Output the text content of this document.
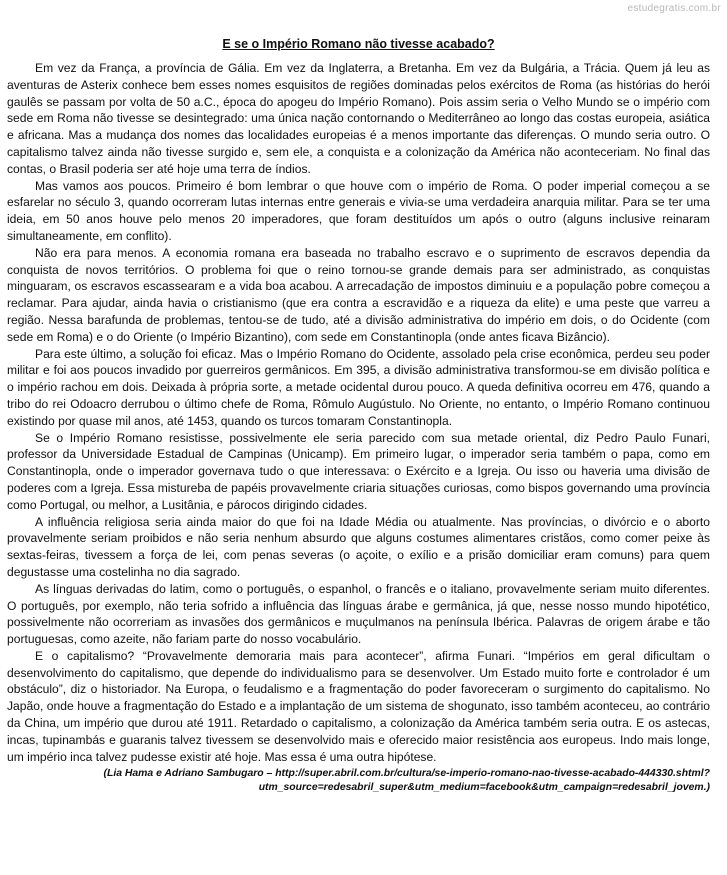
estudegratis.com.br
E se o Império Romano não tivesse acabado?

Em vez da França, a província de Gália. Em vez da Inglaterra, a Bretanha. Em vez da Bulgária, a Trácia. Quem já leu as aventuras de Asterix conhece bem esses nomes esquisitos de regiões dominadas pelos exércitos de Roma (as histórias do herói gaulês se passam por volta de 50 a.C., época do apogeu do Império Romano). Pois assim seria o Velho Mundo se o império com sede em Roma não tivesse se desintegrado: uma única nação contornando o Mediterrâneo ao longo das costas europeia, asiática e africana. Mas a mudança dos nomes das localidades europeias é a menos importante das diferenças. O mundo seria outro. O capitalismo talvez ainda não tivesse surgido e, sem ele, a conquista e a colonização da América não aconteceriam. No final das contas, o Brasil poderia ser até hoje uma terra de índios.

Mas vamos aos poucos. Primeiro é bom lembrar o que houve com o império de Roma. O poder imperial começou a se esfarelar no século 3, quando ocorreram lutas internas entre generais e vivia-se uma verdadeira anarquia militar. Para se ter uma ideia, em 50 anos houve pelo menos 20 imperadores, que foram destituídos um após o outro (alguns inclusive reinaram simultaneamente, em conflito).

Não era para menos. A economia romana era baseada no trabalho escravo e o suprimento de escravos dependia da conquista de novos territórios. O problema foi que o reino tornou-se grande demais para ser administrado, as conquistas minguaram, os escravos escassearam e a vida boa acabou. A arrecadação de impostos diminuiu e a população pobre começou a reclamar. Para ajudar, ainda havia o cristianismo (que era contra a escravidão e a riqueza da elite) e uma peste que varreu a região. Nessa barafunda de problemas, tentou-se de tudo, até a divisão administrativa do império em dois, o do Ocidente (com sede em Roma) e o do Oriente (o Império Bizantino), com sede em Constantinopla (onde antes ficava Bizâncio).

Para este último, a solução foi eficaz. Mas o Império Romano do Ocidente, assolado pela crise econômica, perdeu seu poder militar e foi aos poucos invadido por guerreiros germânicos. Em 395, a divisão administrativa transformou-se em divisão política e o império rachou em dois. Deixada à própria sorte, a metade ocidental durou pouco. A queda definitiva ocorreu em 476, quando a tribo do rei Odoacro derrubou o último chefe de Roma, Rômulo Augústulo. No Oriente, no entanto, o Império Romano continuou existindo por quase mil anos, até 1453, quando os turcos tomaram Constantinopla.

Se o Império Romano resistisse, possivelmente ele seria parecido com sua metade oriental, diz Pedro Paulo Funari, professor da Universidade Estadual de Campinas (Unicamp). Em primeiro lugar, o imperador seria também o papa, como em Constantinopla, onde o imperador governava tudo o que interessava: o Exército e a Igreja. Ou isso ou haveria uma divisão de poderes com a Igreja. Essa mistureba de papéis provavelmente criaria situações curiosas, como bispos governando uma província como Portugal, ou melhor, a Lusitânia, e párocos dirigindo cidades.

A influência religiosa seria ainda maior do que foi na Idade Média ou atualmente. Nas províncias, o divórcio e o aborto provavelmente seriam proibidos e não seria nenhum absurdo que alguns costumes alimentares cristãos, como comer peixe às sextas-feiras, tivessem a força de lei, com penas severas (o açoite, o exílio e a prisão domiciliar eram comuns) para quem degustasse uma costelinha no dia sagrado.

As línguas derivadas do latim, como o português, o espanhol, o francês e o italiano, provavelmente seriam muito diferentes. O português, por exemplo, não teria sofrido a influência das línguas árabe e germânica, já que, nesse nosso mundo hipotético, possivelmente não ocorreriam as invasões dos germânicos e muçulmanos na península Ibérica. Palavras de origem árabe e tão portuguesas, como azeite, não fariam parte do nosso vocabulário.

E o capitalismo? “Provavelmente demoraria mais para acontecer”, afirma Funari. “Impérios em geral dificultam o desenvolvimento do capitalismo, que depende do individualismo para se desenvolver. Um Estado muito forte e controlador é um obstáculo”, diz o historiador. Na Europa, o feudalismo e a fragmentação do poder favoreceram o surgimento do capitalismo. No Japão, onde houve a fragmentação do Estado e a implantação de um sistema de shogunato, isso também aconteceu, ao contrário da China, um império que durou até 1911. Retardado o capitalismo, a colonização da América também seria outra. E os astecas, incas, tupinambás e guaranis talvez tivessem se desenvolvido mais e oferecido maior resistência aos europeus. Indo mais longe, um império inca talvez pudesse existir até hoje. Mas essa é uma outra hipótese.

(Lia Hama e Adriano Sambugaro – http://super.abril.com.br/cultura/se-imperio-romano-nao-tivesse-acabado-444330.shtml?utm_source=redesabril_super&utm_medium=facebook&utm_campaign=redesabril_jovem.)
